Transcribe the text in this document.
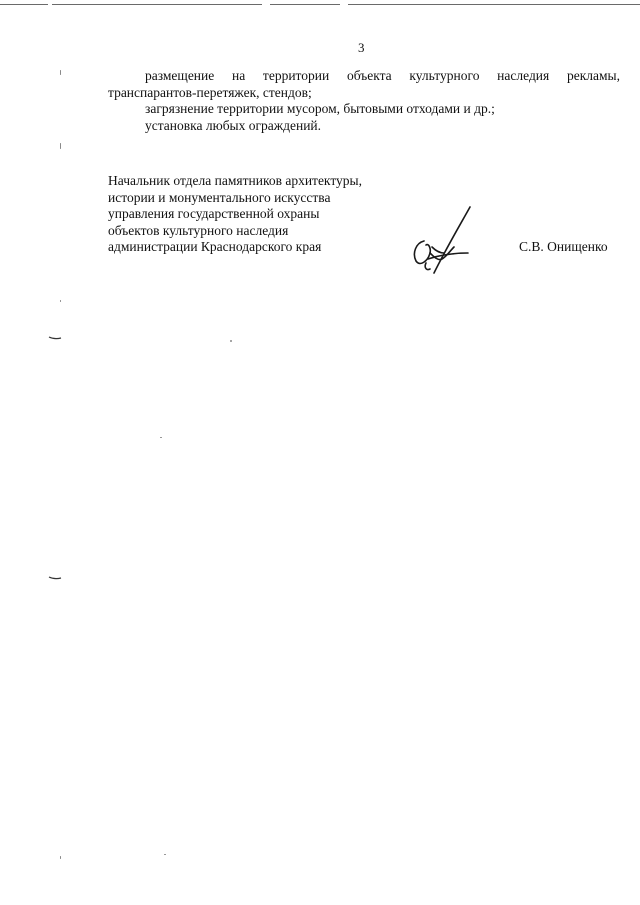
3

размещение на территории объекта культурного наследия рекламы, транспарантов-перетяжек, стендов;

загрязнение территории мусором, бытовыми отходами и др.;

установка любых ограждений.

Начальник отдела памятников архитектуры,
истории и монументального искусства
управления государственной охраны
объектов культурного наследия
администрации Краснодарского края	С.В. Онищенко
